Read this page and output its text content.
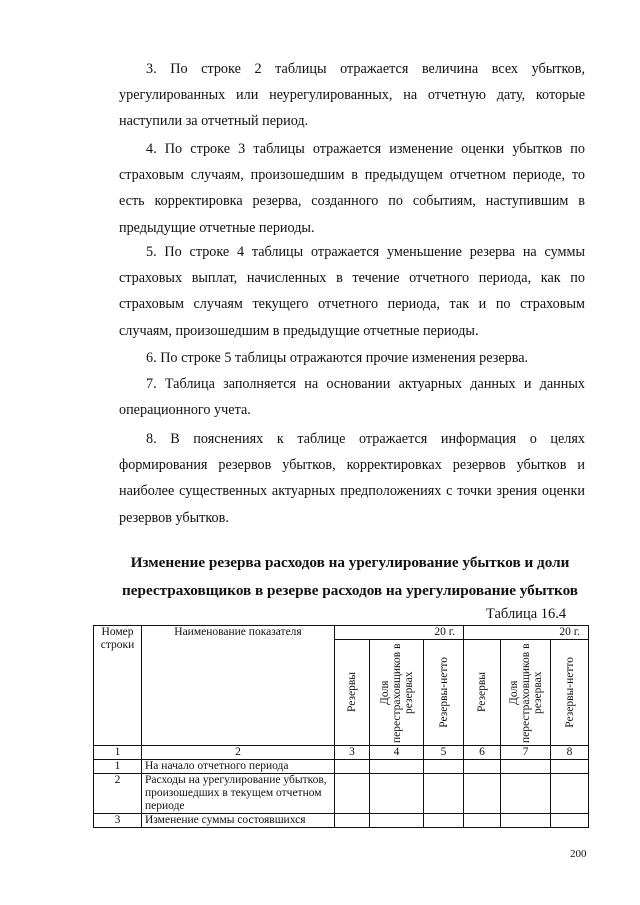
3. По строке 2 таблицы отражается величина всех убытков, урегулированных или неурегулированных, на отчетную дату, которые наступили за отчетный период.

4. По строке 3 таблицы отражается изменение оценки убытков по страховым случаям, произошедшим в предыдущем отчетном периоде, то есть корректировка резерва, созданного по событиям, наступившим в предыдущие отчетные периоды.

5. По строке 4 таблицы отражается уменьшение резерва на суммы страховых выплат, начисленных в течение отчетного периода, как по страховым случаям текущего отчетного периода, так и по страховым случаям, произошедшим в предыдущие отчетные периоды.

6. По строке 5 таблицы отражаются прочие изменения резерва.

7. Таблица заполняется на основании актуарных данных и данных операционного учета.

8. В пояснениях к таблице отражается информация о целях формирования резервов убытков, корректировках резервов убытков и наиболее существенных актуарных предположениях с точки зрения оценки резервов убытков.

Изменение резерва расходов на урегулирование убытков и доли

перестраховщиков в резерве расходов на урегулирование убытков

Таблица 16.4
Номер строки	Наименование показателя	20 г.			20 г.		

		Резервы	Доля перестраховщиков в резервах	Резервы-нетто	Резервы	Доля перестраховщиков в резервах	Резервы-нетто

1	2	3	4	5	6	7	8
1	На начало отчетного периода						
2	Расходы на урегулирование убытков, произошедших в текущем отчетном периоде						
3	Изменение суммы состоявшихся						
200
